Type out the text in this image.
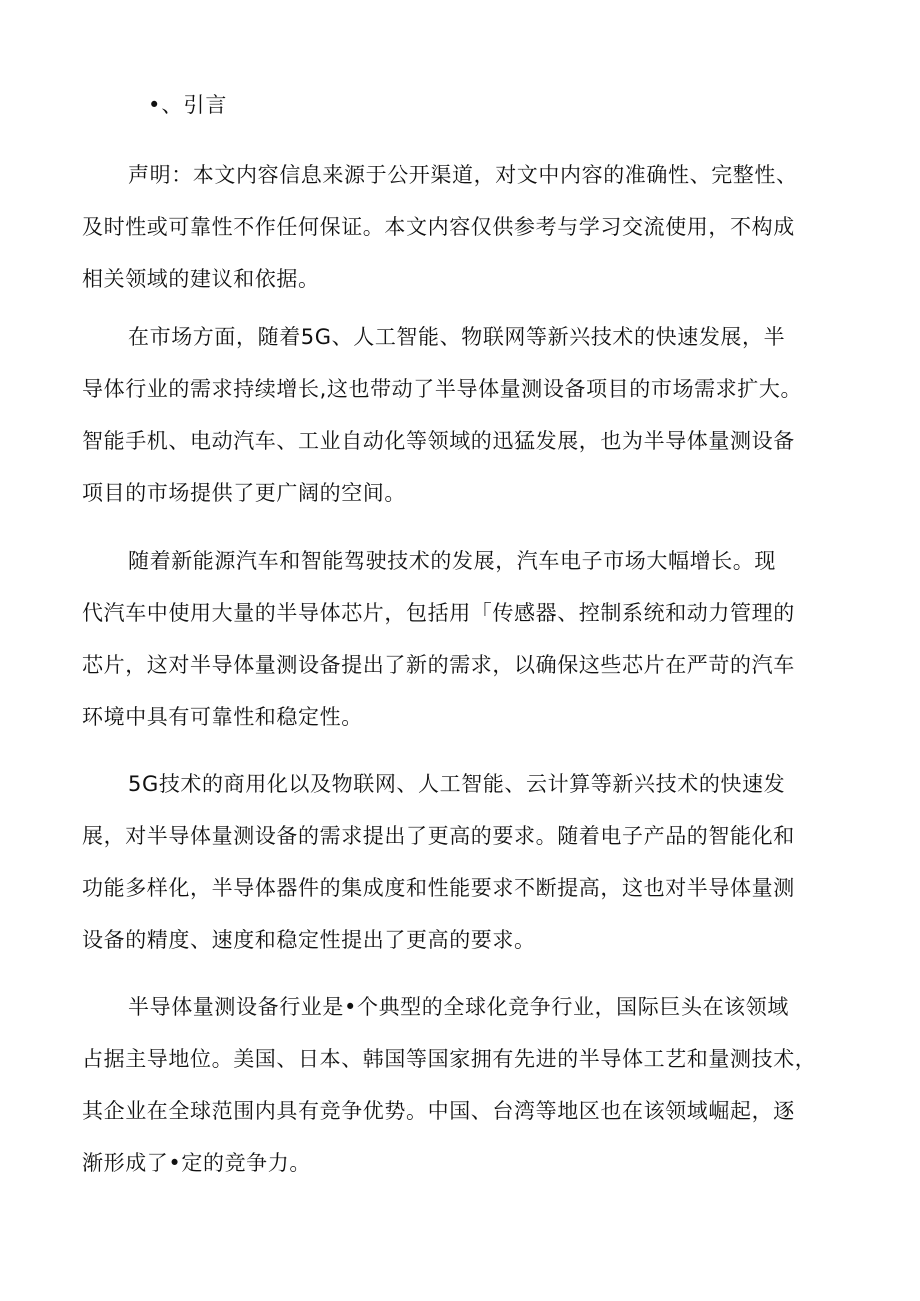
•、引言
声明：本文内容信息来源于公开渠道，对文中内容的准确性、完整性、
及时性或可靠性不作任何保证。本文内容仅供参考与学习交流使用，不构成
相关领域的建议和依据。
在市场方面，随着5G、人工智能、物联网等新兴技术的快速发展，半
导体行业的需求持续增长,这也带动了半导体量测设备项目的市场需求扩大。
智能手机、电动汽车、工业自动化等领域的迅猛发展，也为半导体量测设备
项目的市场提供了更广阔的空间。
随着新能源汽车和智能驾驶技术的发展，汽车电子市场大幅增长。现
代汽车中使用大量的半导体芯片，包括用「传感器、控制系统和动力管理的
芯片，这对半导体量测设备提出了新的需求，以确保这些芯片在严苛的汽车
环境中具有可靠性和稳定性。
5G技术的商用化以及物联网、人工智能、云计算等新兴技术的快速发
展，对半导体量测设备的需求提出了更高的要求。随着电子产品的智能化和
功能多样化，半导体器件的集成度和性能要求不断提高，这也对半导体量测
设备的精度、速度和稳定性提出了更高的要求。
半导体量测设备行业是•个典型的全球化竞争行业，国际巨头在该领域
占据主导地位。美国、日本、韩国等国家拥有先进的半导体工艺和量测技术，
其企业在全球范围内具有竞争优势。中国、台湾等地区也在该领域崛起，逐
渐形成了•定的竞争力。
